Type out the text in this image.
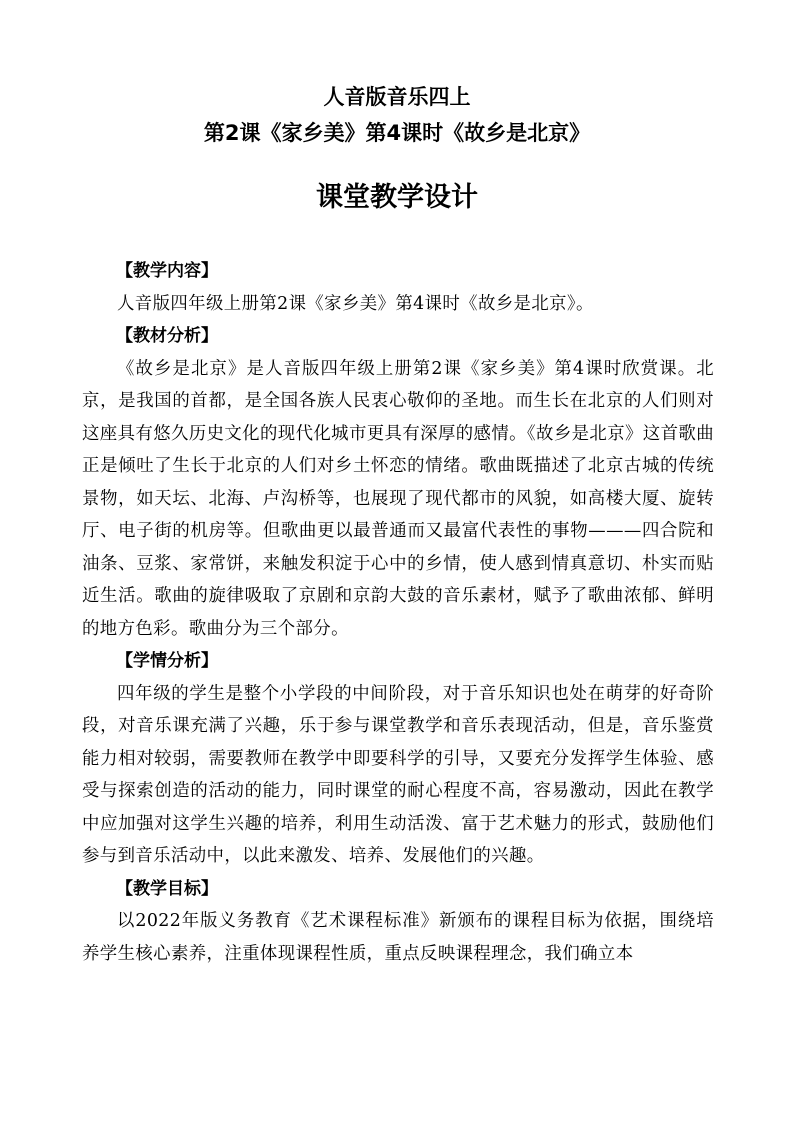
人音版音乐四上
第2课《家乡美》第4课时《故乡是北京》
课堂教学设计

【教学内容】

人音版四年级上册第2课《家乡美》第4课时《故乡是北京》。

【教材分析】

《故乡是北京》是人音版四年级上册第2课《家乡美》第4课时欣赏课。北京，是我国的首都，是全国各族人民衷心敬仰的圣地。而生长在北京的人们则对这座具有悠久历史文化的现代化城市更具有深厚的感情。《故乡是北京》这首歌曲正是倾吐了生长于北京的人们对乡土怀恋的情绪。歌曲既描述了北京古城的传统景物，如天坛、北海、卢沟桥等，也展现了现代都市的风貌，如高楼大厦、旋转厅、电子街的机房等。但歌曲更以最普通而又最富代表性的事物———四合院和油条、豆浆、家常饼，来触发积淀于心中的乡情，使人感到情真意切、朴实而贴近生活。歌曲的旋律吸取了京剧和京韵大鼓的音乐素材，赋予了歌曲浓郁、鲜明的地方色彩。歌曲分为三个部分。

【学情分析】

四年级的学生是整个小学段的中间阶段，对于音乐知识也处在萌芽的好奇阶段，对音乐课充满了兴趣，乐于参与课堂教学和音乐表现活动，但是，音乐鉴赏能力相对较弱，需要教师在教学中即要科学的引导，又要充分发挥学生体验、感受与探索创造的活动的能力，同时课堂的耐心程度不高，容易激动，因此在教学中应加强对这学生兴趣的培养，利用生动活泼、富于艺术魅力的形式，鼓励他们参与到音乐活动中，以此来激发、培养、发展他们的兴趣。

【教学目标】

以2022年版义务教育《艺术课程标准》新颁布的课程目标为依据，围绕培养学生核心素养，注重体现课程性质，重点反映课程理念，我们确立本
